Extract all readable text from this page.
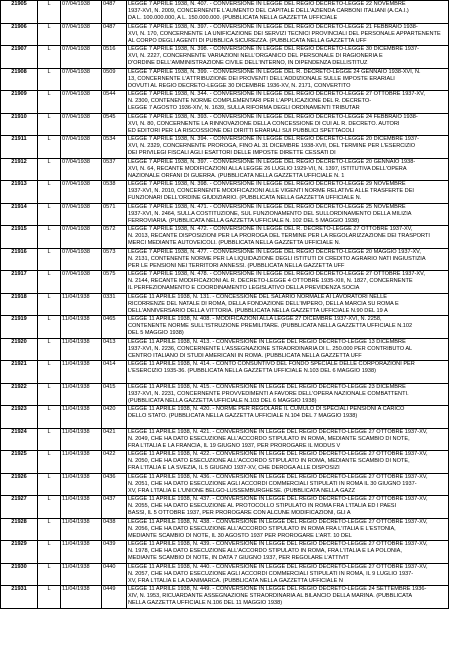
21905	L	07/04/1938	0487	LEGGE 7 APRILE 1938, N. 407. - CONVERSIONE IN LEGGE DEL REGIO DECRETO-LEGGE 22 NOVEMBRE
1937-XVI, N. 2009, CONCERNENTE L'AUMENTO DEL CAPITALE DELL'AZIENDA CARBONI ITALIANI (A.CA.I.)
DA L. 100.000.000, A L. 150.000.000. (PUBBLICATA NELLA GAZZETTA UFFICIALE

21906	L	07/04/1938	0487	LEGGE 7 APRILE 1938, N. 397. - CONVERSIONE IN LEGGE DEL REGIO DECRETO-LEGGE 21 FEBBRAIO 1938-
XVI, N. 170, CONCERNENTE LA UNIFICAZIONE DEI SERVIZI TECNICI PROVINCIALI DEL PERSONALE APPARTENENTE
AL CORPO DEGLI AGENTI DI PUBBLICA SICUREZZA. (PUBBLICATA NELLA GAZZETTA UFF

21907	L	07/04/1938	0516	LEGGE 7 APRILE 1938, N. 398. - CONVERSIONE IN LEGGE DEL REGIO DECRETO-LEGGE 30 DICEMBRE 1937-
XVI, N. 2227, CONCERNENTE VARIAZIONI NELL'ORGANICO DEL PERSONALE DI RAGIONERIA E
D'ORDINE DELL'AMMINISTRAZIONE CIVILE DELL'INTERNO, IN DIPENDENZA DELLISTITUZ

21908	L	07/04/1938	0509	LEGGE 7 APRILE 1938, N. 399. - CONVERSIONE IN LEGGE DEL R. DECRETO-LEGGE 24 GENNAIO 1938-XVI, N.
13, CONCERNENTE L'ATTRIBUZIONE DEI PROVENTI DELL'ADDIZIONALE SULLE IMPOSTE ERARIALI
DOVUTI AL REGIO DECRETO-LEGGE 30 DICEMBRE 1936-XV, N. 2171, CONVERTITO

21909	L	07/04/1938	0544	LEGGE 7 APRILE 1938, N. 344. - CONVERSIONE IN LEGGE DEL REGIO DECRETO-LEGGE 27 OTTOBRE 1937-XV,
N. 2300, CONTENENTE NORME COMPLEMENTARI PER L'APPLICAZIONE DEL R. DECRETO-
LEGGE 7 AGOSTO 1936-XIV, N. 1639, SULLA RIFORMA DEGLI ORDINAMENTI TRIBUTAR

21910	L	07/04/1938	0545	LEGGE 7 APRILE 1938, N. 393. - CONVERSIONE IN LEGGE DEL REGIO DECRETO-LEGGE 24 FEBBRAIO 1938-
XVI, N. 80, CONCERNENTE LA RINNOVAZIONE DELLA CONCESSIONE DI CUI AL R. DECRETO. AUTORI
ED EDITORI PER LA RISCOSSIONE DEI DIRITTI ERARIALI SUI PUBBLICI SPETTACOLI

21911	L	07/04/1938	0534	LEGGE 7 APRILE 1938, N. 394. - CONVERSIONE IN LEGGE DEL REGIO DECRETO-LEGGE 20 DICEMBRE 1937-
XVI, N. 2329, CONCERNENTE PROROGA, FINO AL 31 DICEMBRE 1938-XVII, DEL TERMINE PER L'ESERCIZIO
DEI PRIVILEGI FISCALI AGLI ESATTORI DELLE IMPOSTE DIRETTE CESSATI DI

21912	L	07/04/1938	0537	LEGGE 7 APRILE 1938, N. 397. - CONVERSIONE IN LEGGE DEL REGIO DECRETO-LEGGE 20 GENNAIO 1938-
XVI, N. 64, RECANTE MODIFICAZIONI ALLA LEGGE 26 LUGLIO 1929-VII, N. 1397, ISTITUTIVA DELL'OPERA
NAZIONALE ORFANI DI GUERRA. (PUBBLICATA NELLA GAZZETTA UFFICIALE N. 1

21913	L	07/04/1938	0538	LEGGE 7 APRILE 1938, N. 398. - CONVERSIONE IN LEGGE DEL REGIO DECRETO-LEGGE 29 NOVEMBRE
1937-XVI, N. 2010, CONCERNENTE MODIFICAZIONI ALLE VIGENTI NORME RELATIVE ALLE TRASFERTE DEI
FUNZIONARI DELL'ORDINE GIUDIZIARIO. (PUBBLICATA NELLA GAZZETTA UFFICIALE N.

21914	L	07/04/1938	0571	LEGGE 7 APRILE 1938, N. 471. - CONVERSIONE IN LEGGE DEL REGIO DECRETO-LEGGE 25 NOVEMBRE
1937-XVI, N. 2464, SULLA COSTITUZIONE, SUL FUNZIONAMENTO DEL SULLORDINAMENTO DELLA MILIZIA
FERROVIARIA. (PUBBLICATA NELLA GAZZETTA UFFICIALE N. 102 DEL 5 MAGGIO 1938)

21915	L	07/04/1938	0572	LEGGE 7 APRILE 1938, N. 472. - CONVERSIONE IN LEGGE DEL R. DECRETO-LEGGE 27 OTTOBRE 1937-XV,
N. 2013, RECANTE DISPOSIZIONI PER LA PROROGA DEL TERMINE PER LA REGOLARIZZAZIONE DEI TRASPORTI
MERCI MEDIANTE AUTOVEICOLI. (PUBBLICATA NELLA GAZZETTA UFFICIALE N.

21916	L	07/04/1938	0573	LEGGE 7 APRILE 1938, N. 477. - CONVERSIONE IN LEGGE DEL REGIO DECRETO-LEGGE 20 MAGGIO 1937-XV,
N. 2131, CONTENENTE NORME PER LA LIQUIDAZIONE DEGLI ISTITUTI DI CREDITO AGRARIO NATI INGIUSTIZIA
PER LE PENSIONI NEI TERRITORI ANNESSI. (PUBBLICATA NELLA GAZZETTA UFF

21917	L	07/04/1938	0575	LEGGE 7 APRILE 1938, N. 478. - CONVERSIONE IN LEGGE DEL REGIO DECRETO-LEGGE 27 OTTOBRE 1937-XV,
N. 2144, RECANTE MODIFICAZIONI AL R. DECRETO-LEGGE 4 OTTOBRE 1935-XIII, N. 1827, CONCERNENTE
IL PERFEZIONAMENTO E COORDINAMENTO LEGISLATIVO DELLA PREVIDENZA SOCIA

21918	L	11/04/1938	0331	LEGGE 11 APRILE 1938, N. 131. - CONCESSIONE DEL SALARIO NORMALE AI LAVORATORI NELLE
RICORRENZE DEL NATALE DI ROMA, DELLA FONDAZIONE DELL'IMPERO, DELLA MARCIA SU ROMA E
DELL'ANNIVERSARIO DELLA VITTORIA. (PUBBLICATA NELLA GAZZETTA UFFICIALE N.90 DEL 19 A

21919	L	11/04/1938	0465	LEGGE 11 APRILE 1938, N. 408. - MODIFICAZIONI ALLA LEGGE 27 DICEMBRE 1937-XVI, N. 2258,
CONTENENTE NORME SULL'ISTRUZIONE PREMILITARE. (PUBBLICATA NELLA GAZZETTA UFFICIALE N.102
DEL 5 MAGGIO 1938)

21920	L	11/04/1938	0413	LEGGE 11 APRILE 1938, N. 413. - CONVERSIONE IN LEGGE DEL REGIO DECRETO-LEGGE 13 DICEMBRE
1937-XVI, N. 2236, CONCERNENTE L'ASSEGNAZIONE STRAORDINARIA DI L. 250.000 PER CONTRIBUTO AL
CENTRO ITALIANO DI STUDI AMERICANI IN ROMA. (PUBBLICATA NELLA GAZZETTA UFF

21921	L	11/04/1938	0414	LEGGE 11 APRILE 1938, N. 414. - CONTO CONSUNTIVO DEL FONDO SPECIALE DELLE CORPORAZIONI PER
L'ESERCIZIO 1935-36. (PUBBLICATA NELLA GAZZETTA UFFICIALE N.103 DEL 6 MAGGIO 1938)

21922	L	11/04/1938	0415	LEGGE 11 APRILE 1938, N. 415. - CONVERSIONE IN LEGGE DEL REGIO DECRETO-LEGGE 23 DICEMBRE
1937-XVI, N. 2231, CONCERNENTE PROVVEDIMENTI A FAVORE DELL'OPERA NAZIONALE COMBATTENTI.
(PUBBLICATA NELLA GAZZETTA UFFICIALE N.103 DEL 6 MAGGIO 1938)

21923	L	11/04/1938	0420	LEGGE 11 APRILE 1938, N. 420. - NORME PER REGOLARE IL CUMULO DI SPECIALI PENSIONI A CARICO
DELLO STATO. (PUBBLICATA NELLA GAZZETTA UFFICIALE N.104 DEL 7 MAGGIO 1938)

21924	L	11/04/1938	0421	LEGGE 11 APRILE 1938, N. 421. - CONVERSIONE IN LEGGE DEL REGIO DECRETO-LEGGE 27 OTTOBRE 1937-XV,
N. 2049, CHE HA DATO ESECUZIONE ALL'ACCORDO STIPULATO IN ROMA, MEDIANTE SCAMBIO DI NOTE,
FRA L'ITALIA E LA FRANCIA, IL 19 GIUGNO 1937, PER PROROGARE IL MODUS V

21925	L	11/04/1938	0422	LEGGE 11 APRILE 1938, N. 422. - CONVERSIONE IN LEGGE DEL REGIO DECRETO-LEGGE 27 OTTOBRE 1937-XV,
N. 2050, CHE HA DATO ESECUZIONE ALL'ACCORDO STIPULATO IN ROMA, MEDIANTE SCAMBIO DI NOTE,
FRA L'ITALIA E LA SVEZIA, IL 5 GIUGNO 1937-XV, CHE DEROGA ALLE DISPOSIZI

21926	L	11/04/1938	0436	LEGGE 11 APRILE 1938, N. 436. - CONVERSIONE IN LEGGE DEL REGIO DECRETO-LEGGE 27 OTTOBRE 1937-XV,
N. 2051, CHE HA DATO ESECUZIONE AGLI ACCORDI COMMERCIALI STIPULATI IN ROMA IL 30 GIUGNO 1937-
XV, FRA L'ITALIA E L'UNIONE BELGO-LUSSEMBURGHESE. (PUBBLICATA NELLA GAZZ

21927	L	11/04/1938	0437	LEGGE 11 APRILE 1938, N. 437. - CONVERSIONE IN LEGGE DEL REGIO DECRETO-LEGGE 27 OTTOBRE 1937-XV,
N. 2055, CHE HA DATO ESECUZIONE AL PROTOCOLLO STIPULATO IN ROMA FRA L'ITALIA ED I PAESI
BASSI, IL 5 OTTOBRE 1937, PER PROROGARE CON ALCUNE MODIFICAZIONI, GLI A

21928	L	11/04/1938	0438	LEGGE 11 APRILE 1938, N. 438. - CONVERSIONE IN LEGGE DEL REGIO DECRETO-LEGGE 27 OTTOBRE 1937-XV,
N. 2056, CHE HA DATO ESECUZIONE ALL'ACCORDO STIPULATO IN ROMA FRA L'ITALIA E L'ESTONIA,
MEDIANTE SCAMBIO DI NOTE, IL 30 AGOSTO 1937 PER PROROGARE L'ART. 10 DEL

21929	L	11/04/1938	0439	LEGGE 11 APRILE 1938, N. 439. - CONVERSIONE IN LEGGE DEL REGIO DECRETO-LEGGE 27 OTTOBRE 1937-XV,
N. 1978, CHE HA DATO ESECUZIONE ALL'ACCORDO STIPULATO IN ROMA, FRA L'ITALIA E LA POLONIA,
MEDIANTE SCAMBIO DI NOTE, IN DATA 7 GIUGNO 1937, PER REGOLARE L'ATTIVIT

21930	L	11/04/1938	0440	LEGGE 11 APRILE 1938, N. 440. - CONVERSIONE IN LEGGE DEL REGIO DECRETO-LEGGE 27 OTTOBRE 1937-XV,
N. 2057, CHE HA DATO ESECUZIONE AGLI ACCORDI COMMERCIALI STIPULATI IN ROMA, IL 9 LUGLIO 1937-
XV, FRA L'ITALIA E LA DANIMARCA. (PUBBLICATA NELLA GAZZETTA UFFICIALE N

21931	L	11/04/1938	0449	LEGGE 11 APRILE 1938, N. 449. - CONVERSIONE IN LEGGE DEL REGIO DECRETO-LEGGE 24 SETTEMBRE 1936-
XIV, N. 1953, RICUARDANTE ASSEGNAZIONE STRAORDINARIA AL BILANCIO DELLA MARINA. (PUBBLICATA
NELLA GAZZETTA UFFICIALE N.106 DEL 11 MAGGIO 1938)
